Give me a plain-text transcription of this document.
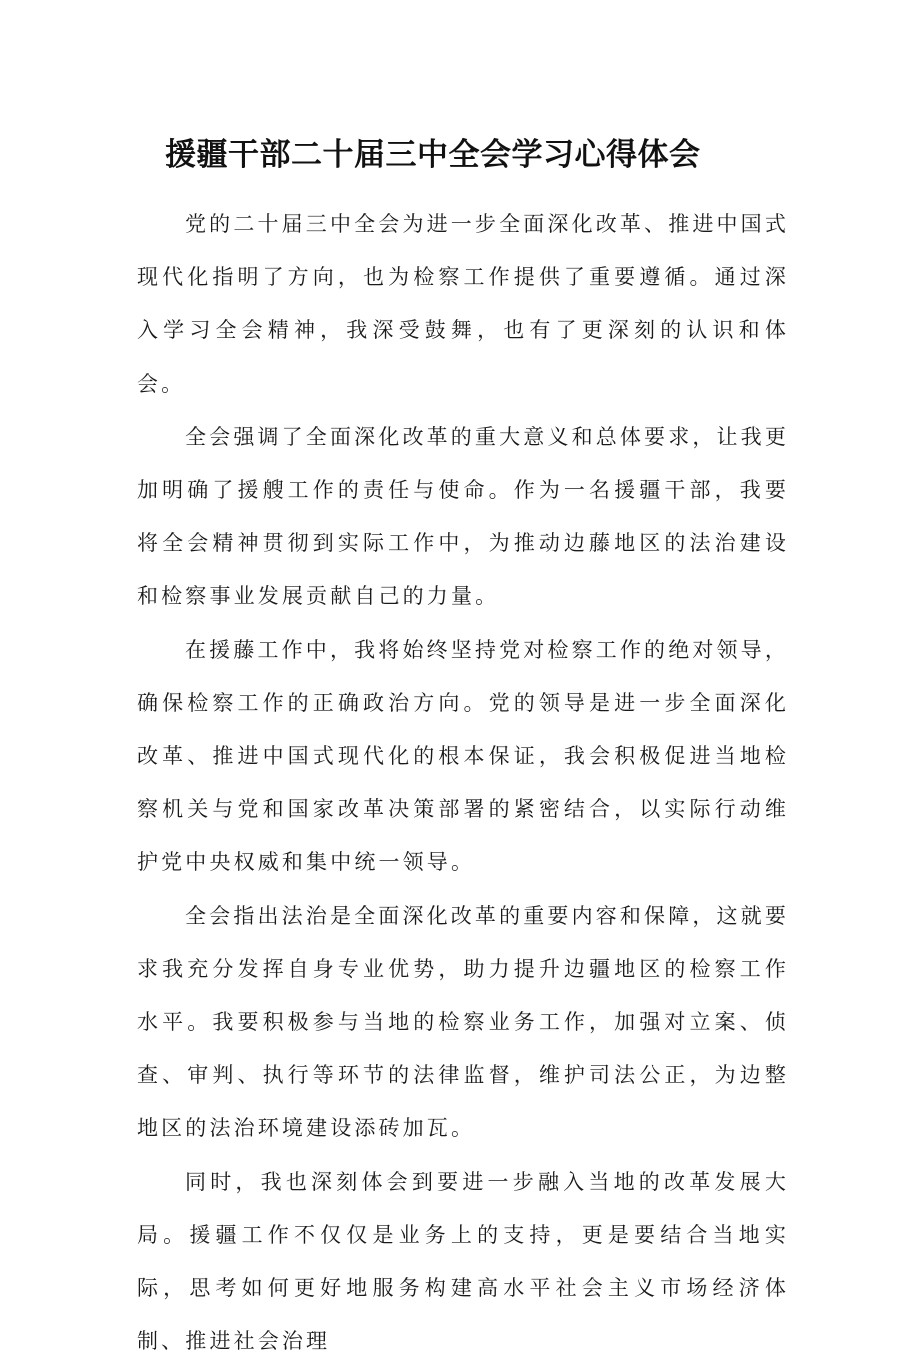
援疆干部二十届三中全会学习心得体会

党的二十届三中全会为进一步全面深化改革、推进中国式现代化指明了方向，也为检察工作提供了重要遵循。通过深入学习全会精神，我深受鼓舞，也有了更深刻的认识和体会。

全会强调了全面深化改革的重大意义和总体要求，让我更加明确了援艘工作的责任与使命。作为一名援疆干部，我要将全会精神贯彻到实际工作中，为推动边藤地区的法治建设和检察事业发展贡献自己的力量。

在援藤工作中，我将始终坚持党对检察工作的绝对领导，确保检察工作的正确政治方向。党的领导是进一步全面深化改革、推进中国式现代化的根本保证，我会积极促进当地检察机关与党和国家改革决策部署的紧密结合，以实际行动维护党中央权威和集中统一领导。

全会指出法治是全面深化改革的重要内容和保障，这就要求我充分发挥自身专业优势，助力提升边疆地区的检察工作水平。我要积极参与当地的检察业务工作，加强对立案、侦查、审判、执行等环节的法律监督，维护司法公正，为边整地区的法治环境建设添砖加瓦。

同时，我也深刻体会到要进一步融入当地的改革发展大局。援疆工作不仅仅是业务上的支持，更是要结合当地实际，思考如何更好地服务构建高水平社会主义市场经济体制、推进社会治理
